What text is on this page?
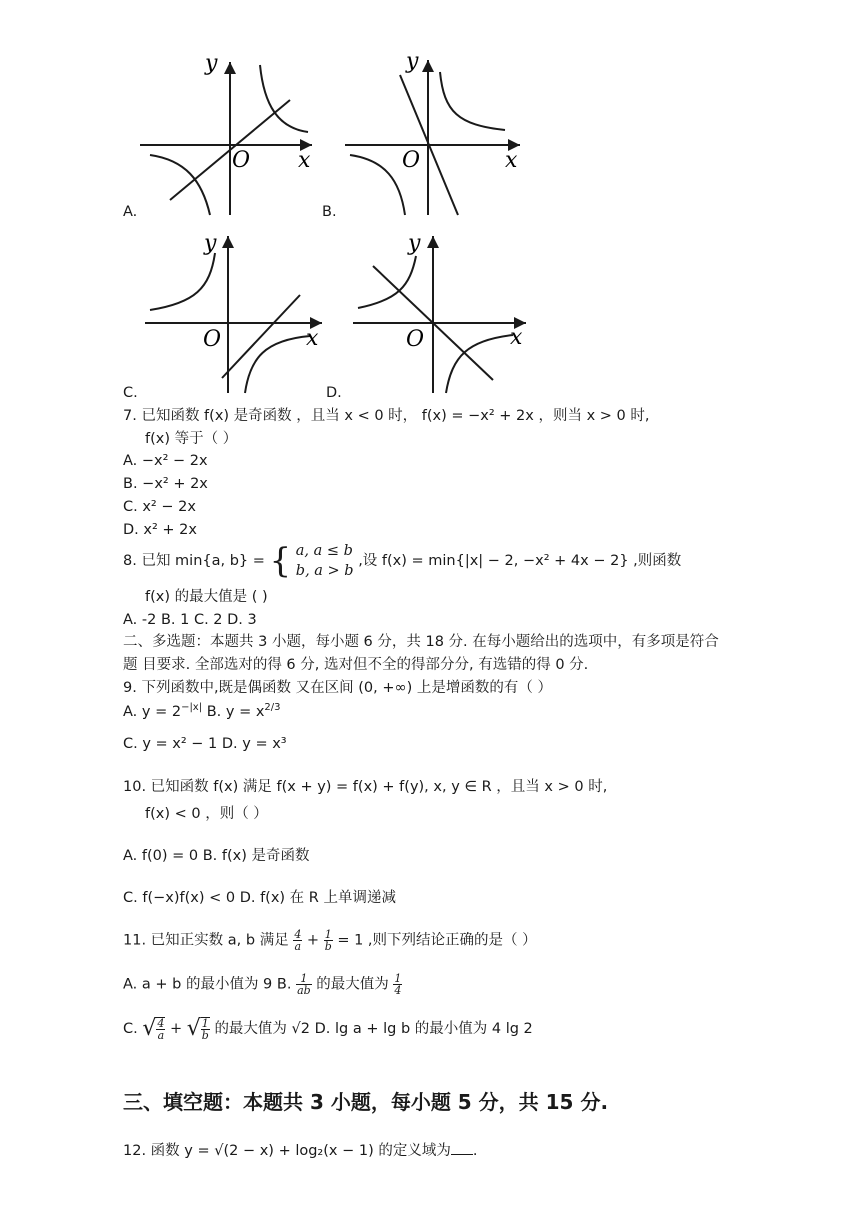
y
x
O
A.
y
x
O
B.
y
x
O
C.
y
x
O
D.
7. 已知函数 f(x) 是奇函数 ，且当 x < 0 时， f(x) = −x² + 2x ，则当 x > 0 时,
f(x) 等于（ ）
A. −x² − 2x
B. −x² + 2x
C. x² − 2x
D. x² + 2x
8. 已知 min{a, b} = { a, a ≤ b
b, a > b
,设 f(x) = min{|x| − 2, −x² + 4x − 2} ,则函数
f(x) 的最大值是 ( )
A. -2 B. 1 C. 2 D. 3
二、多选题：本题共 3 小题，每小题 6 分，共 18 分. 在每小题给出的选项中，有多项是符合
题 目要求. 全部选对的得 6 分, 选对但不全的得部分分, 有选错的得 0 分.
9. 下列函数中,既是偶函数 又在区间 (0, +∞) 上是增函数的有（ ）
A. $y = 2^{-|x|}$ B. $y = x^{2/3}$
C. y = x² − 1 D. y = x³
10. 已知函数 f(x) 满足 f(x + y) = f(x) + f(y), x, y ∈ R ，且当 x > 0 时,
f(x) < 0 ，则（ ）
A. f(0) = 0 B. f(x) 是奇函数
C. f(−x)f(x) < 0 D. f(x) 在 R 上单调递减
11. 已知正实数 a, b 满足 $\frac{4}{a} + \frac{1}{b} = 1$ ,则下列结论正确的是（ ）
A. a + b 的最小值为 9 B. $\frac{1}{ab}$ 的最大值为 $\frac{1}{4}$
C. √ $\frac{4}{a}$ + √ $\frac{1}{b}$ 的最大值为 √2 D. lg a + lg b 的最小值为 4 lg 2
三、填空题：本题共 3 小题，每小题 5 分，共 15 分.
12. 函数 y = √(2 − x) + log₂(x − 1) 的定义域为 .
